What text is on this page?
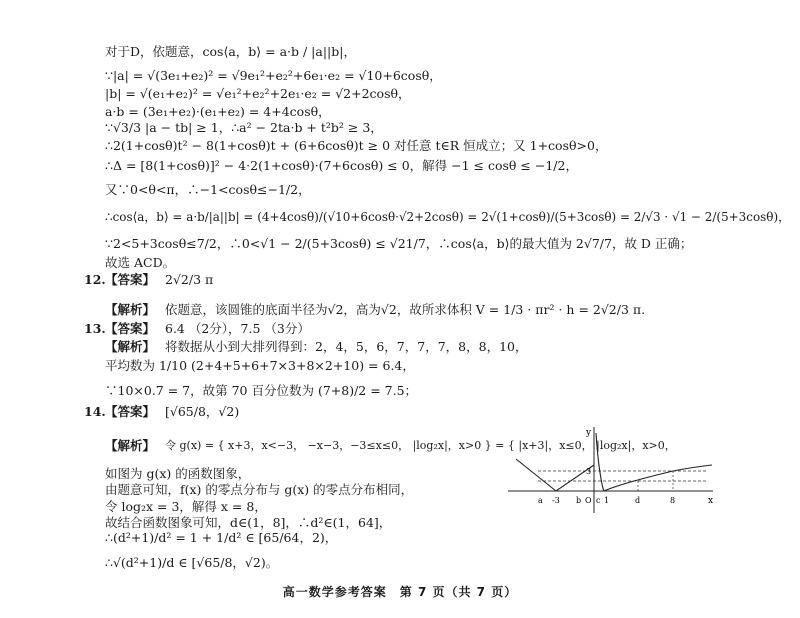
对于D，依题意，cos⟨a，b⟩ = a·b / |a||b|，
∵|a| = √(3e₁+e₂)² = √9e₁²+e₂²+6e₁·e₂ = √10+6cosθ，
|b| = √(e₁+e₂)² = √e₁²+e₂²+2e₁·e₂ = √2+2cosθ，
a·b = (3e₁+e₂)·(e₁+e₂) = 4+4cosθ，
∵√3/3 |a − tb| ≥ 1，∴a² − 2ta·b + t²b² ≥ 3，
∴2(1+cosθ)t² − 8(1+cosθ)t + (6+6cosθ)t ≥ 0 对任意 t∈R 恒成立；又 1+cosθ>0，
∴Δ = [8(1+cosθ)]² − 4·2(1+cosθ)·(7+6cosθ) ≤ 0，解得 −1 ≤ cosθ ≤ −1/2，
又∵0<θ<π，∴−1<cosθ≤−1/2，
∴cos⟨a，b⟩ = a·b/|a||b| = (4+4cosθ)/(√10+6cosθ·√2+2cosθ) = 2√(1+cosθ)/(5+3cosθ) = 2/√3 · √1 − 2/(5+3cosθ)，
∵2<5+3cosθ≤7/2，∴0<√1 − 2/(5+3cosθ) ≤ √21/7，∴cos⟨a，b⟩的最大值为 2√7/7，故 D 正确；
故选 ACD。
12. 【答案】 2√2/3 π
【解析】 依题意，该圆锥的底面半径为√2，高为√2，故所求体积 V = 1/3 · πr² · h = 2√2/3 π.
13. 【答案】 6.4 （2分），7.5 （3分）
【解析】 将数据从小到大排列得到：2，4，5，6，7，7，7，8，8，10，
平均数为 1/10 (2+4+5+6+7×3+8×2+10) = 6.4，
∵10×0.7 = 7，故第 70 百分位数为 (7+8)/2 = 7.5；
14. 【答案】 [√65/8，√2)
【解析】 令 g(x) = { x+3，x<−3， −x−3，−3≤x≤0， |log₂x|，x>0 } = { |x+3|，x≤0， |log₂x|，x>0，
如图为 g(x) 的函数图象，
由题意可知，f(x) 的零点分布与 g(x) 的零点分布相同，
令 log₂x = 3，解得 x = 8，
故结合函数图象可知，d∈(1，8]，∴d²∈(1，64]，
∴(d²+1)/d² = 1 + 1/d² ∈ [65/64，2)，
∴√(d²+1)/d ∈ [√65/8，√2)。
y
x
3
a -3 b O c 1	d	8
高一数学参考答案　第 7 页（共 7 页）
